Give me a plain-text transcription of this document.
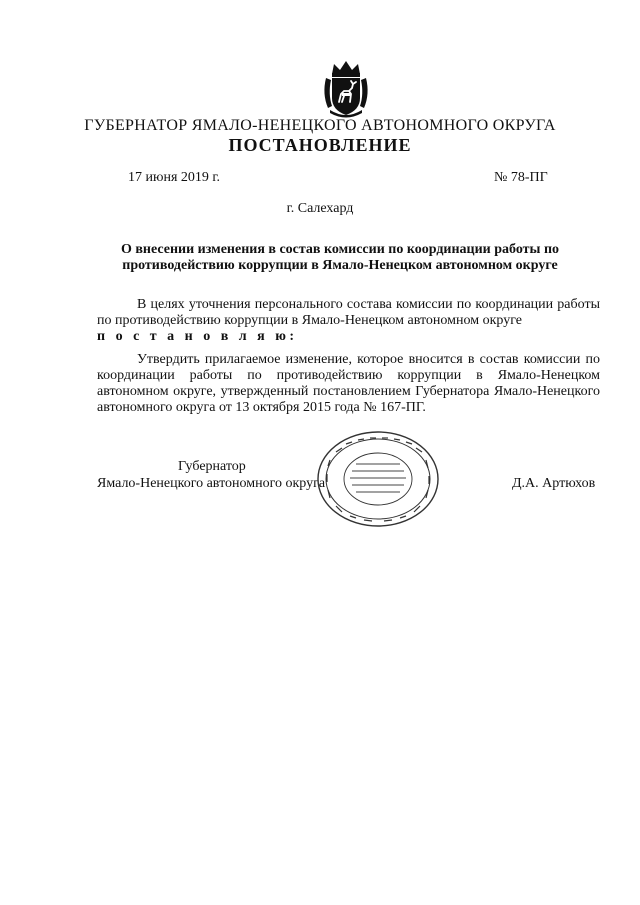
ГУБЕРНАТОР ЯМАЛО-НЕНЕЦКОГО АВТОНОМНОГО ОКРУГА
ПОСТАНОВЛЕНИЕ
17 июня 2019 г.	№ 78-ПГ
г. Салехард
О внесении изменения в состав комиссии по координации работы по противодействию коррупции в Ямало-Ненецком автономном округе
В целях уточнения персонального состава комиссии по координации работы по противодействию коррупции в Ямало-Ненецком автономном округе
п о с т а н о в л я ю:
Утвердить прилагаемое изменение, которое вносится в состав комиссии по координации работы по противодействию коррупции в Ямало-Ненецком автономном округе, утвержденный постановлением Губернатора Ямало-Ненецкого автономного округа от 13 октября 2015 года № 167-ПГ.
Губернатор
Ямало-Ненецкого автономного округа	Д.А. Артюхов
